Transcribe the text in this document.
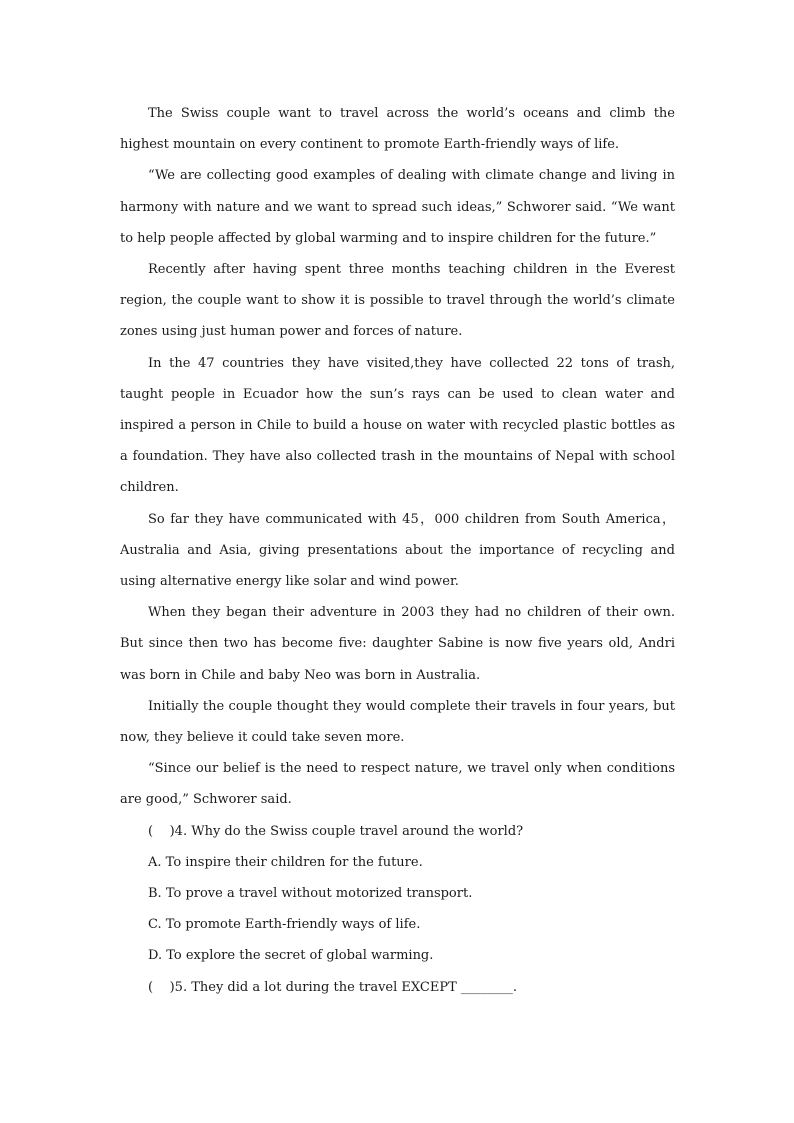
The Swiss couple want to travel across the world’s oceans and climb the highest mountain on every continent to promote Earth-friendly ways of life.

“We are collecting good examples of dealing with climate change and living in harmony with nature and we want to spread such ideas,” Schworer said. “We want to help people affected by global warming and to inspire children for the future.”

Recently after having spent three months teaching children in the Everest region, the couple want to show it is possible to travel through the world’s climate zones using just human power and forces of nature.

In the 47 countries they have visited,they have collected 22 tons of trash, taught people in Ecuador how the sun’s rays can be used to clean water and inspired a person in Chile to build a house on water with recycled plastic bottles as a foundation. They have also collected trash in the mountains of Nepal with school children.

So far they have communicated with 45，000 children from South America， Australia and Asia, giving presentations about the importance of recycling and using alternative energy like solar and wind power.

When they began their adventure in 2003 they had no children of their own. But since then two has become five: daughter Sabine is now five years old, Andri was born in Chile and baby Neo was born in Australia.

Initially the couple thought they would complete their travels in four years, but now, they believe it could take seven more.

“Since our belief is the need to respect nature, we travel only when conditions are good,” Schworer said.

(    )4. Why do the Swiss couple travel around the world?

A. To inspire their children for the future.

B. To prove a travel without motorized transport.

C. To promote Earth-friendly ways of life.

D. To explore the secret of global warming.

(    )5. They did a lot during the travel EXCEPT ________.
